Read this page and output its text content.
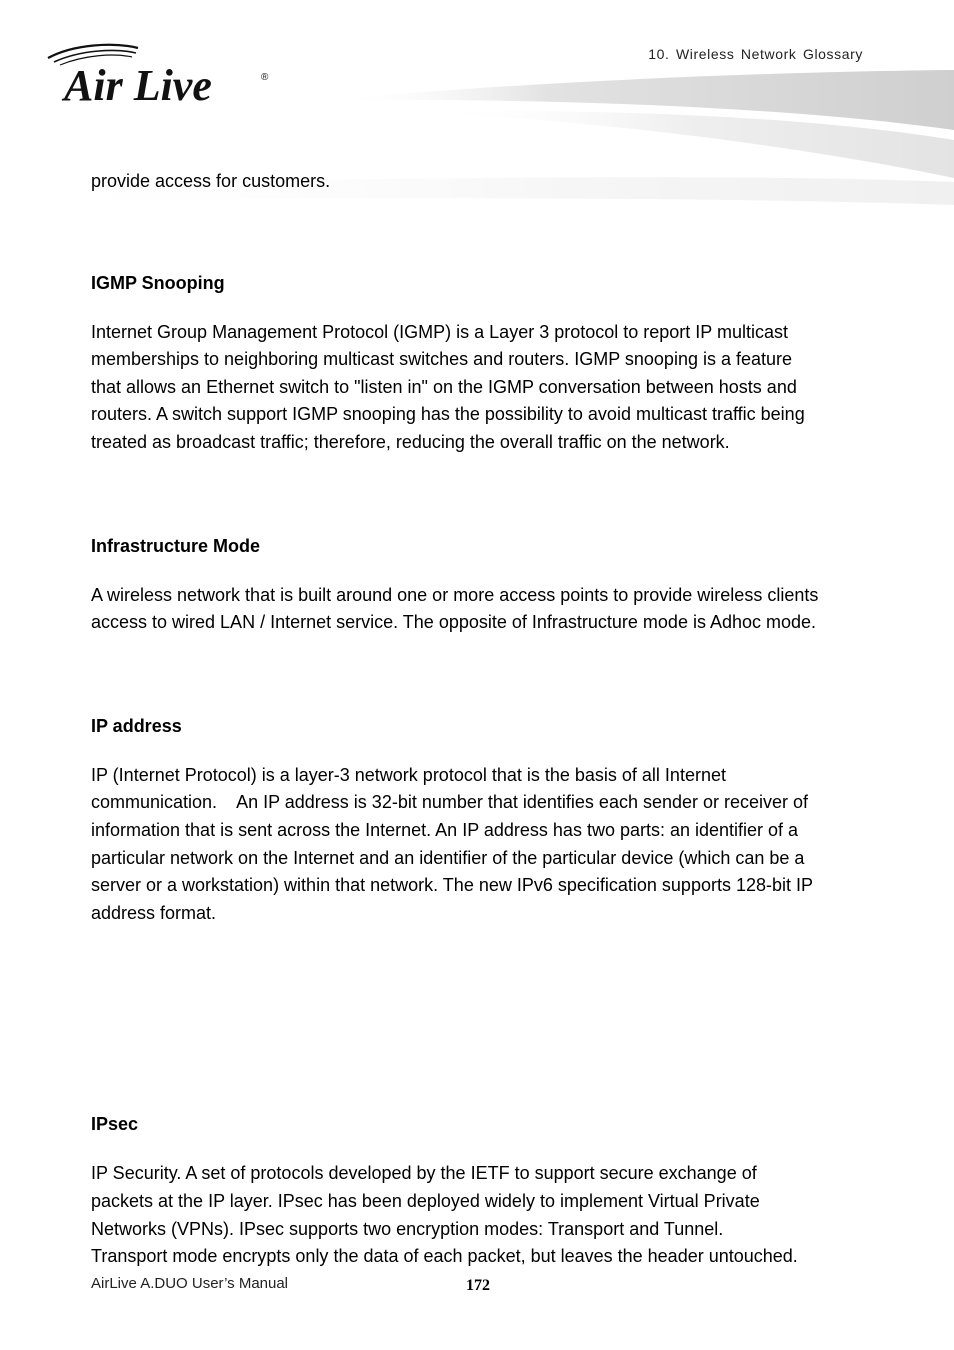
Air Live	®
10. Wireless Network Glossary

provide access for customers.

IGMP Snooping
Internet Group Management Protocol (IGMP) is a Layer 3 protocol to report IP multicast
memberships to neighboring multicast switches and routers. IGMP snooping is a feature
that allows an Ethernet switch to "listen in" on the IGMP conversation between hosts and
routers. A switch support IGMP snooping has the possibility to avoid multicast traffic being
treated as broadcast traffic; therefore, reducing the overall traffic on the network.
Infrastructure Mode
A wireless network that is built around one or more access points to provide wireless clients
access to wired LAN / Internet service. The opposite of Infrastructure mode is Adhoc mode.
IP address
IP (Internet Protocol) is a layer-3 network protocol that is the basis of all Internet
communication.    An IP address is 32-bit number that identifies each sender or receiver of
information that is sent across the Internet. An IP address has two parts: an identifier of a
particular network on the Internet and an identifier of the particular device (which can be a
server or a workstation) within that network. The new IPv6 specification supports 128-bit IP
address format.
IPsec
IP Security. A set of protocols developed by the IETF to support secure exchange of
packets at the IP layer. IPsec has been deployed widely to implement Virtual Private
Networks (VPNs). IPsec supports two encryption modes: Transport and Tunnel.
Transport mode encrypts only the data of each packet, but leaves the header untouched.
AirLive A.DUO User’s Manual	172
